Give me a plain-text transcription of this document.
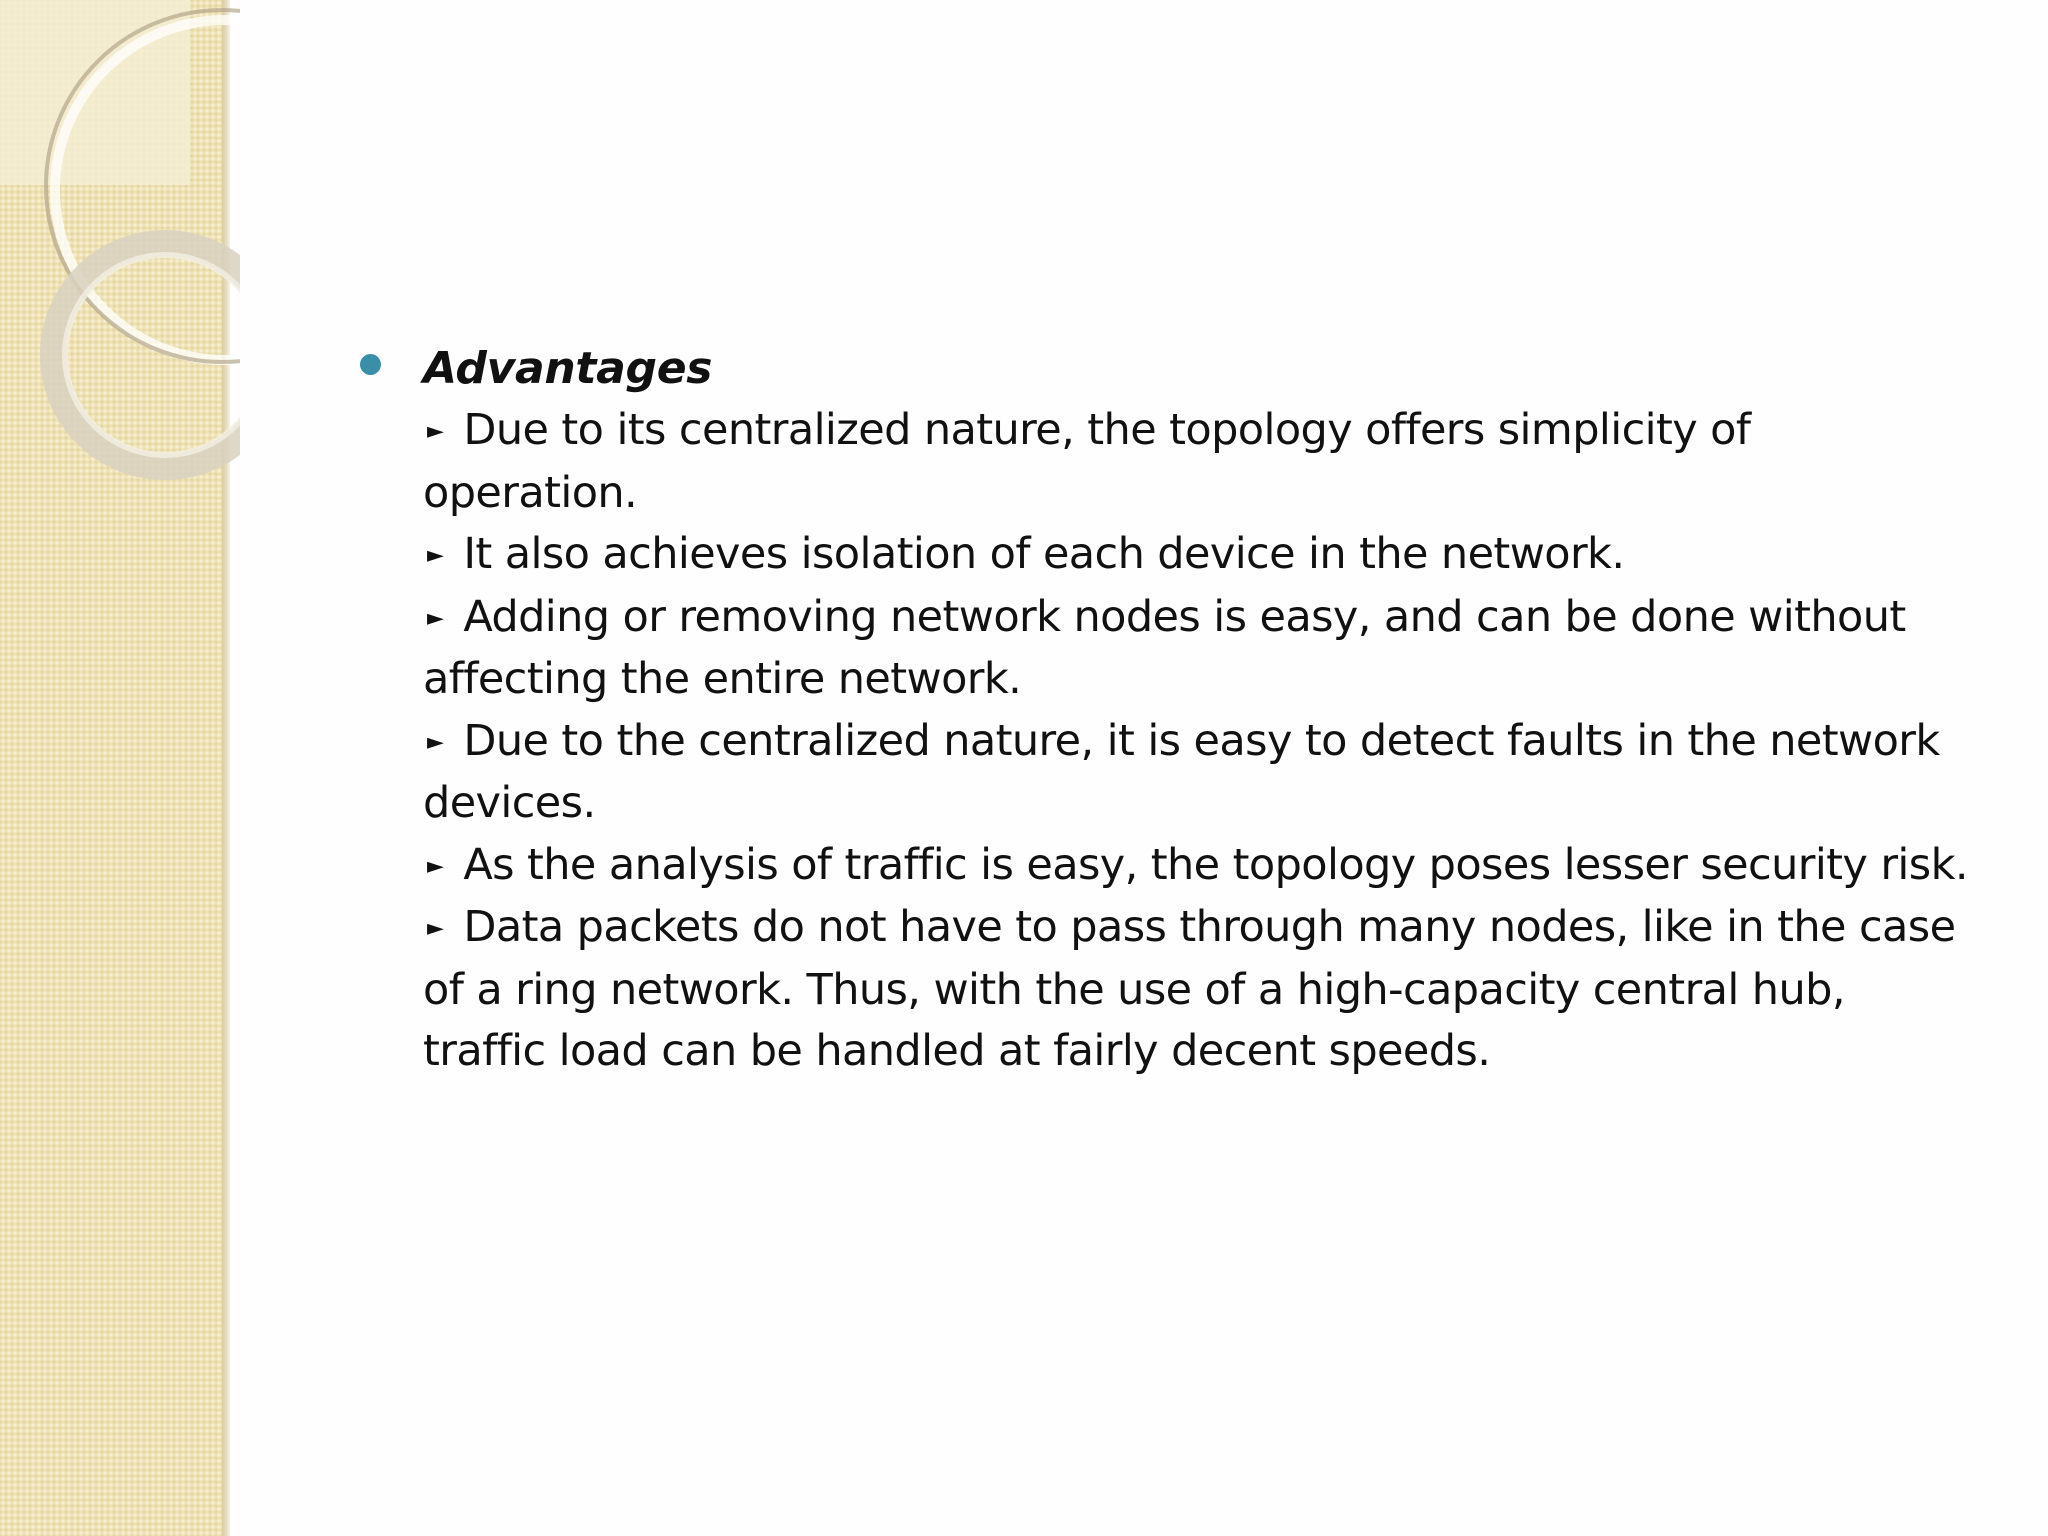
Advantages
► Due to its centralized nature, the topology offers simplicity of operation.
► It also achieves isolation of each device in the network.
► Adding or removing network nodes is easy, and can be done without affecting the entire network.
► Due to the centralized nature, it is easy to detect faults in the network devices.
► As the analysis of traffic is easy, the topology poses lesser security risk.
► Data packets do not have to pass through many nodes, like in the case of a ring network. Thus, with the use of a high-capacity central hub, traffic load can be handled at fairly decent speeds.
